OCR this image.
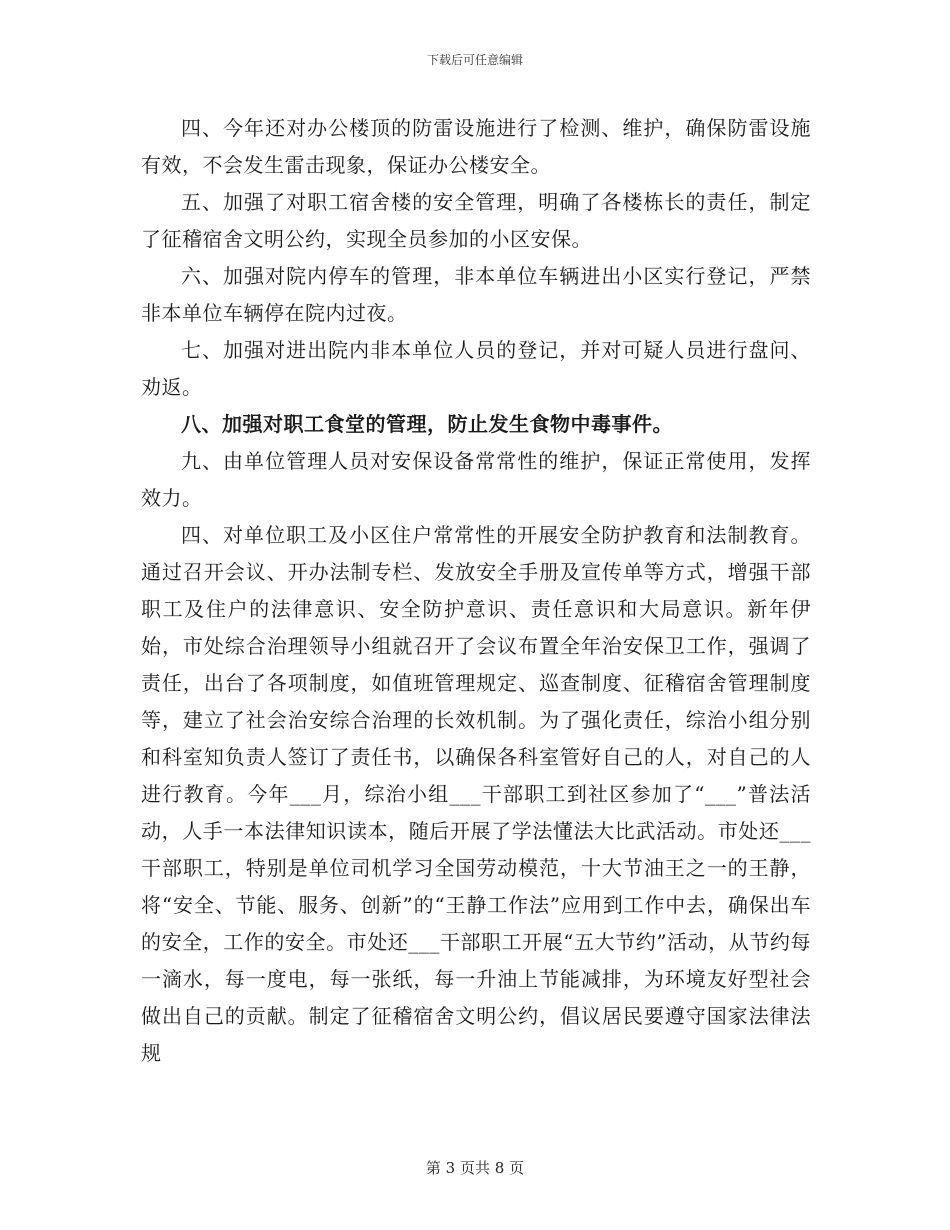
下载后可任意编辑

四、今年还对办公楼顶的防雷设施进行了检测、维护，确保防雷设施有效，不会发生雷击现象，保证办公楼安全。

五、加强了对职工宿舍楼的安全管理，明确了各楼栋长的责任，制定了征稽宿舍文明公约，实现全员参加的小区安保。

六、加强对院内停车的管理，非本单位车辆进出小区实行登记，严禁非本单位车辆停在院内过夜。

七、加强对进出院内非本单位人员的登记，并对可疑人员进行盘问、劝返。

八、加强对职工食堂的管理，防止发生食物中毒事件。

九、由单位管理人员对安保设备常常性的维护，保证正常使用，发挥效力。

四、对单位职工及小区住户常常性的开展安全防护教育和法制教育。通过召开会议、开办法制专栏、发放安全手册及宣传单等方式，增强干部职工及住户的法律意识、安全防护意识、责任意识和大局意识。新年伊始，市处综合治理领导小组就召开了会议布置全年治安保卫工作，强调了责任，出台了各项制度，如值班管理规定、巡查制度、征稽宿舍管理制度等，建立了社会治安综合治理的长效机制。为了强化责任，综治小组分别和科室知负责人签订了责任书，以确保各科室管好自己的人，对自己的人进行教育。今年___月，综治小组___干部职工到社区参加了“___”普法活动，人手一本法律知识读本，随后开展了学法懂法大比武活动。市处还___干部职工，特别是单位司机学习全国劳动模范，十大节油王之一的王静，将“安全、节能、服务、创新”的“王静工作法”应用到工作中去，确保出车的安全，工作的安全。市处还___干部职工开展“五大节约”活动，从节约每一滴水，每一度电，每一张纸，每一升油上节能减排，为环境友好型社会做出自己的贡献。制定了征稽宿舍文明公约，倡议居民要遵守国家法律法规

第 3 页共 8 页
